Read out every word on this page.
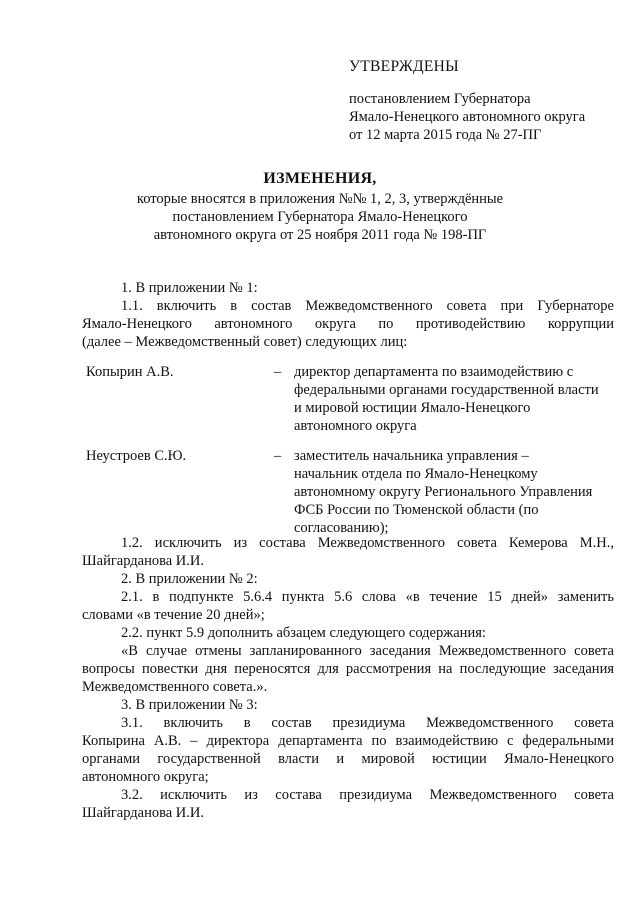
УТВЕРЖДЕНЫ
постановлением Губернатора
Ямало-Ненецкого автономного округа
от 12 марта 2015 года № 27-ПГ
ИЗМЕНЕНИЯ,
которые вносятся в приложения №№ 1, 2, 3, утверждённые
постановлением Губернатора Ямало-Ненецкого
автономного округа от 25 ноября 2011 года № 198-ПГ

1. В приложении № 1:

1.1. включить в состав Межведомственного совета при Губернаторе

Ямало-Ненецкого автономного округа по противодействию коррупции

(далее – Межведомственный совет) следующих лиц:

Копырин А.В.	– директор департамента по взаимодействию с
федеральными органами государственной власти
и мировой юстиции Ямало-Ненецкого
автономного округа
Неустроев С.Ю.	– заместитель начальника управления –
начальник отдела по Ямало-Ненецкому
автономному округу Регионального Управления
ФСБ России по Тюменской области (по
согласованию);

1.2. исключить из состава Межведомственного совета Кемерова М.Н.,

Шайгарданова И.И.

2. В приложении № 2:

2.1. в подпункте 5.6.4 пункта 5.6 слова «в течение 15 дней» заменить

словами «в течение 20 дней»;

2.2. пункт 5.9 дополнить абзацем следующего содержания:

«В случае отмены запланированного заседания Межведомственного совета

вопросы повестки дня переносятся для рассмотрения на последующие заседания

Межведомственного совета.».

3. В приложении № 3:

3.1. включить в состав президиума Межведомственного совета

Копырина А.В. – директора департамента по взаимодействию с федеральными

органами государственной власти и мировой юстиции Ямало-Ненецкого

автономного округа;

3.2. исключить из состава президиума Межведомственного совета

Шайгарданова И.И.
